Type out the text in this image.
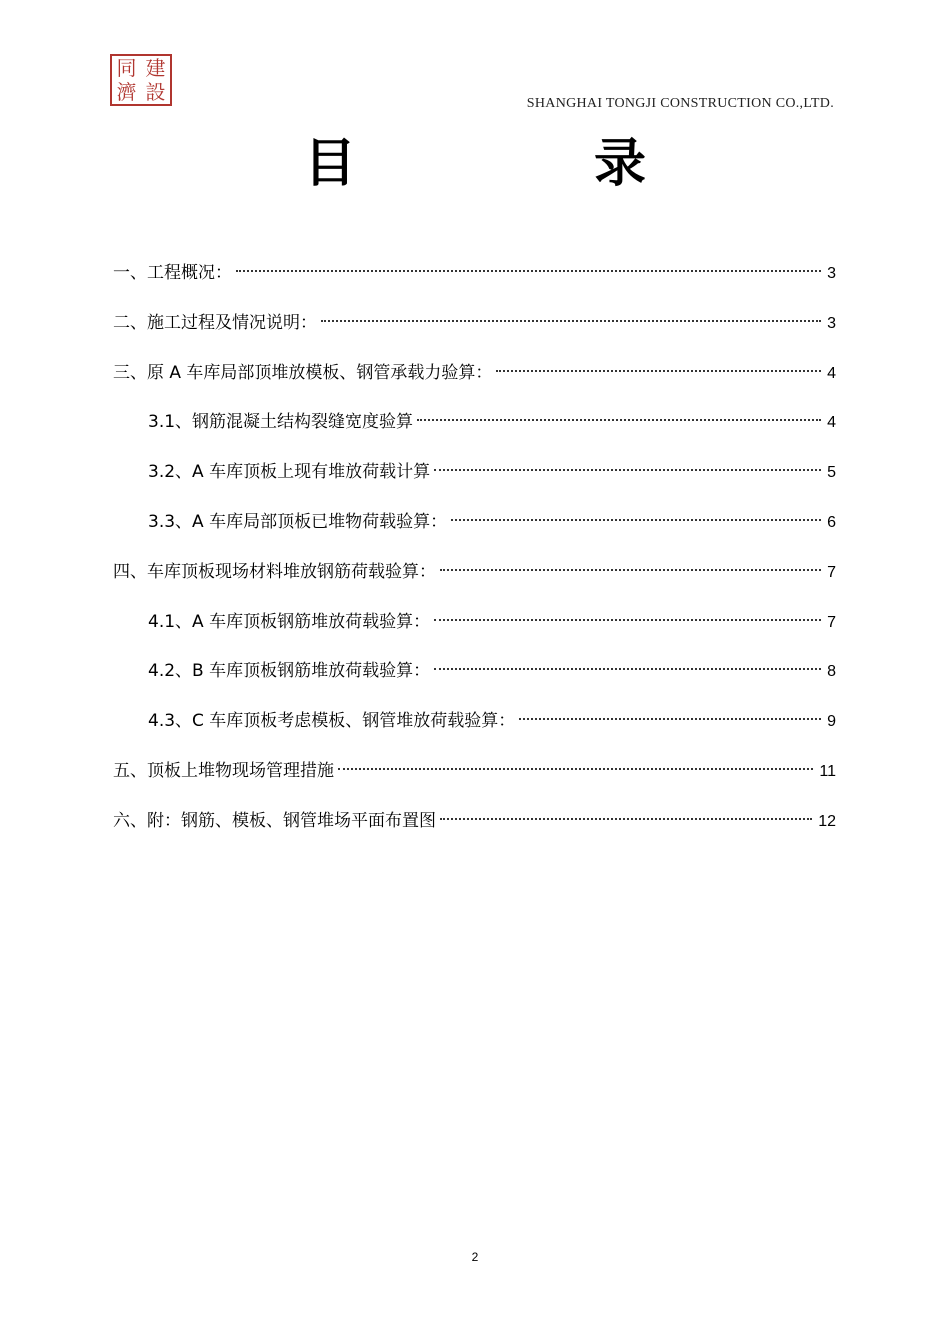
同 建
濟 設	SHANGHAI TONGJI CONSTRUCTION CO.,LTD.
目 录
一、工程概况：	3
二、施工过程及情况说明：	3
三、原 A 车库局部顶堆放模板、钢管承载力验算：	4
3.1、钢筋混凝土结构裂缝宽度验算	4
3.2、A 车库顶板上现有堆放荷载计算	5
3.3、A 车库局部顶板已堆物荷载验算：	6
四、车库顶板现场材料堆放钢筋荷载验算：	7
4.1、A 车库顶板钢筋堆放荷载验算：	7
4.2、B 车库顶板钢筋堆放荷载验算：	8
4.3、C 车库顶板考虑模板、钢管堆放荷载验算：	9
五、顶板上堆物现场管理措施	11
六、附：钢筋、模板、钢管堆场平面布置图	12
2
